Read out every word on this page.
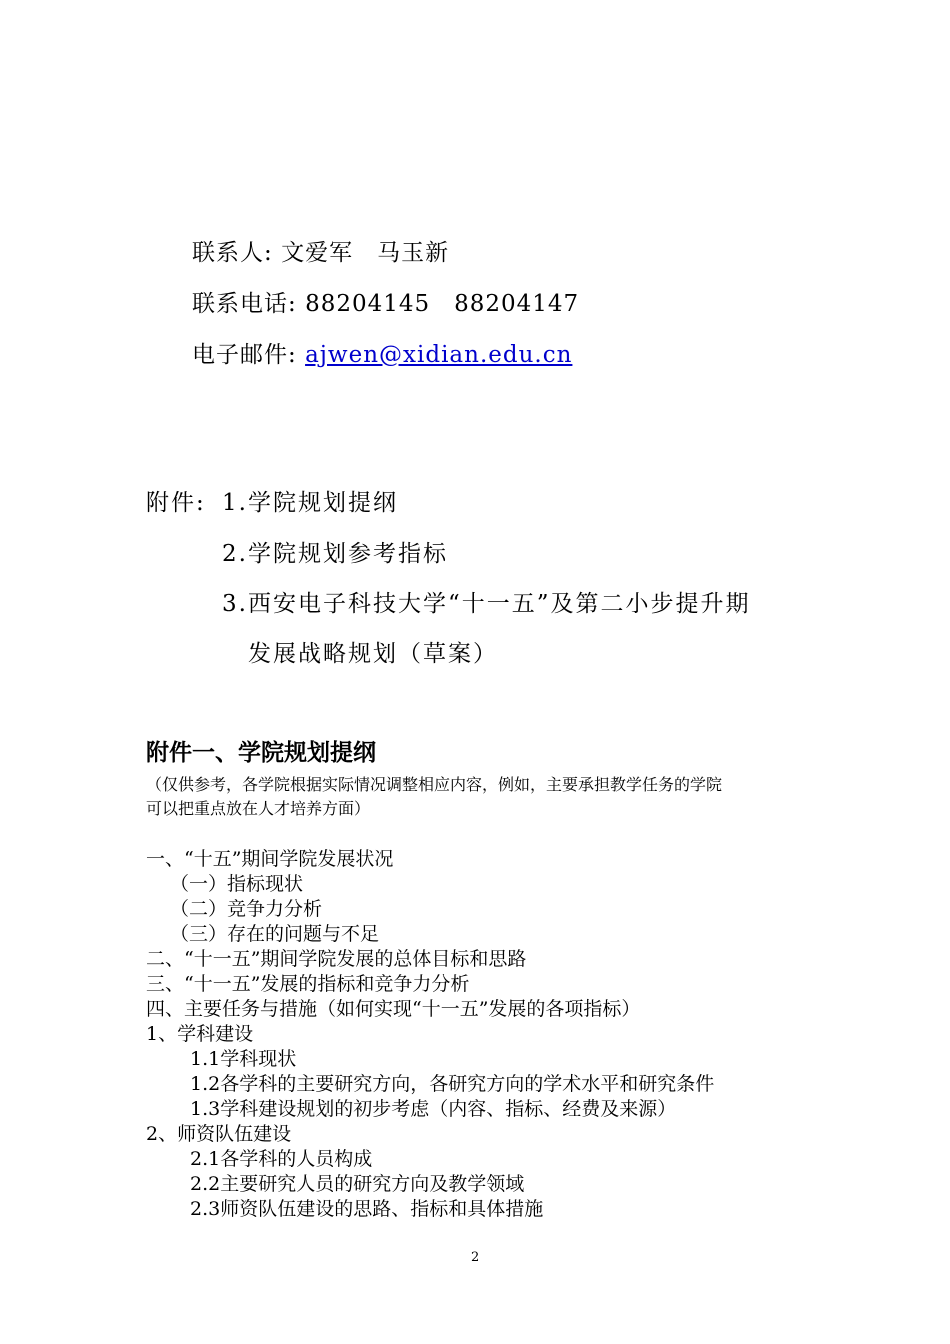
联系人: 文爱军　马玉新
联系电话: 88204145　88204147
电子邮件: ajwen@xidian.edu.cn
附件: 1.学院规划提纲
2.学院规划参考指标
3.西安电子科技大学“十一五”及第二小步提升期
发展战略规划（草案）
附件一、学院规划提纲
（仅供参考，各学院根据实际情况调整相应内容，例如，主要承担教学任务的学院
可以把重点放在人才培养方面）
一、“十五”期间学院发展状况
（一）指标现状
（二）竞争力分析
（三）存在的问题与不足
二、“十一五”期间学院发展的总体目标和思路
三、“十一五”发展的指标和竞争力分析
四、主要任务与措施（如何实现“十一五”发展的各项指标）
1、学科建设
1.1学科现状
1.2各学科的主要研究方向，各研究方向的学术水平和研究条件
1.3学科建设规划的初步考虑（内容、指标、经费及来源）
2、师资队伍建设
2.1各学科的人员构成
2.2主要研究人员的研究方向及教学领域
2.3师资队伍建设的思路、指标和具体措施
2
